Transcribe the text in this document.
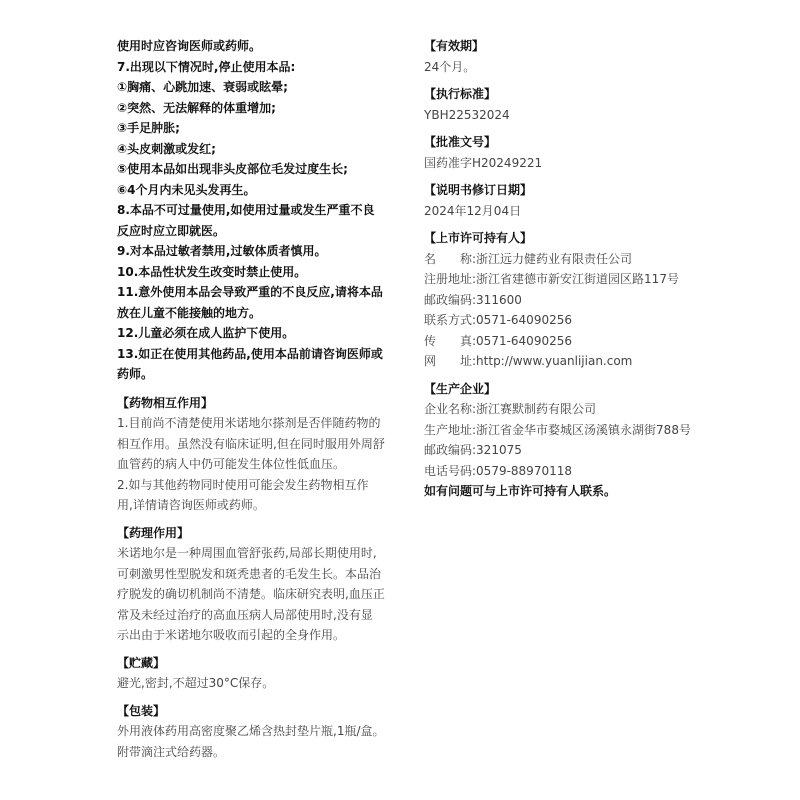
使用时应咨询医师或药师。
7.出现以下情况时,停止使用本品:
①胸痛、心跳加速、衰弱或眩晕;
②突然、无法解释的体重增加;
③手足肿胀;
④头皮刺激或发红;
⑤使用本品如出现非头皮部位毛发过度生长;
⑥4个月内未见头发再生。
8.本品不可过量使用,如使用过量或发生严重不良
反应时应立即就医。
9.对本品过敏者禁用,过敏体质者慎用。
10.本品性状发生改变时禁止使用。
11.意外使用本品会导致严重的不良反应,请将本品
放在儿童不能接触的地方。
12.儿童必须在成人监护下使用。
13.如正在使用其他药品,使用本品前请咨询医师或
药师。
【药物相互作用】
1.目前尚不清楚使用米诺地尔搽剂是否伴随药物的
相互作用。虽然没有临床证明,但在同时服用外周舒
血管药的病人中仍可能发生体位性低血压。
2.如与其他药物同时使用可能会发生药物相互作
用,详情请咨询医师或药师。
【药理作用】
米诺地尔是一种周围血管舒张药,局部长期使用时,
可刺激男性型脱发和斑秃患者的毛发生长。本品治
疗脱发的确切机制尚不清楚。临床研究表明,血压正
常及未经过治疗的高血压病人局部使用时,没有显
示出由于米诺地尔吸收而引起的全身作用。
【贮藏】
避光,密封,不超过30°C保存。
【包装】
外用液体药用高密度聚乙烯含热封垫片瓶,1瓶/盒。
附带滴注式给药器。
【有效期】
24个月。
【执行标准】
YBH22532024
【批准文号】
国药准字H20249221
【说明书修订日期】
2024年12月04日
【上市许可持有人】
名称 : 浙江远力健药业有限责任公司
注册地址 : 浙江省建德市新安江街道园区路117号
邮政编码 : 311600
联系方式 : 0571-64090256
传真 : 0571-64090256
网址 : http://www.yuanlijian.com
【生产企业】
企业名称 : 浙江赛默制药有限公司
生产地址 : 浙江省金华市婺城区汤溪镇永湖街788号
邮政编码 : 321075
电话号码 : 0579-88970118
如有问题可与上市许可持有人联系。
